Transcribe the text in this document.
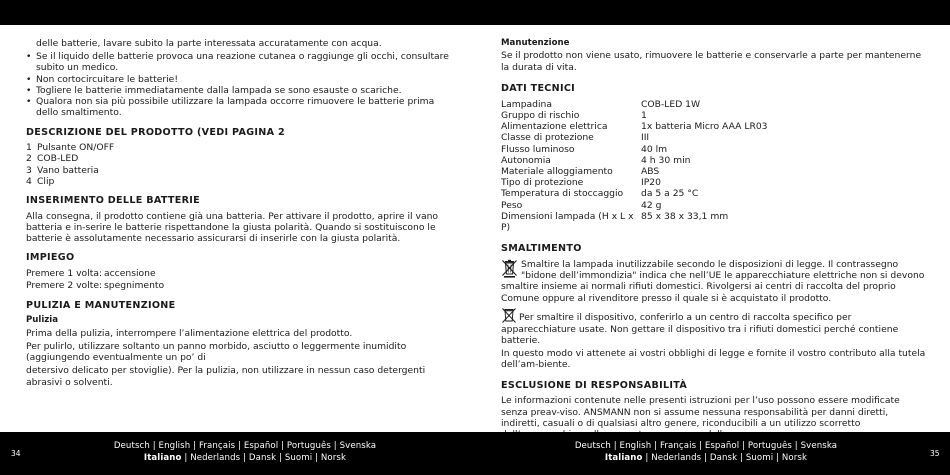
delle batterie, lavare subito la parte interessata accuratamente con acqua.

• Se il liquido delle batterie provoca una reazione cutanea o raggiunge gli occhi, consultare subito un medico.
• Non cortocircuitare le batterie!
• Togliere le batterie immediatamente dalla lampada se sono esauste o scariche.
• Qualora non sia più possibile utilizzare la lampada occorre rimuovere le batterie prima dello smaltimento.
DESCRIZIONE DEL PRODOTTO (VEDI PAGINA 2
1 Pulsante ON/OFF
2 COB-LED
3 Vano batteria
4 Clip
INSERIMENTO DELLE BATTERIE

Alla consegna, il prodotto contiene già una batteria. Per attivare il prodotto, aprire il vano batteria e in-serire le batterie rispettandone la giusta polarità. Quando si sostituiscono le batterie è assolutamente necessario assicurarsi di inserirle con la giusta polarità.

IMPIEGO
Premere 1 volta: accensione
Premere 2 volte: spegnimento
PULIZIA E MANUTENZIONE
Pulizia

Prima della pulizia, interrompere l’alimentazione elettrica del prodotto.

Per pulirlo, utilizzare soltanto un panno morbido, asciutto o leggermente inumidito (aggiungendo eventualmente un po’ di

detersivo delicato per stoviglie). Per la pulizia, non utilizzare in nessun caso detergenti abrasivi o solventi.

Manutenzione

Se il prodotto non viene usato, rimuovere le batterie e conservarle a parte per mantenerne la durata di vita.

DATI TECNICI
Lampadina	COB-LED 1W
Gruppo di rischio	1
Alimentazione elettrica	1x batteria Micro AAA LR03
Classe di protezione	III
Flusso luminoso	40 lm
Autonomia	4 h 30 min
Materiale alloggiamento	ABS
Tipo di protezione	IP20
Temperatura di stoccaggio	da 5 a 25 °C
Peso	42 g
Dimensioni lampada (H x L x P)	85 x 38 x 33,1 mm
SMALTIMENTO

Smaltire la lampada inutilizzabile secondo le disposizioni di legge. Il contrassegno "bidone dell’immondizia" indica che nell’UE le apparecchiature elettriche non si devono smaltire insieme ai normali rifiuti domestici. Rivolgersi ai centri di raccolta del proprio Comune oppure al rivenditore presso il quale si è acquistato il prodotto.

Per smaltire il dispositivo, conferirlo a un centro di raccolta specifico per apparecchiature usate. Non gettare il dispositivo tra i rifiuti domestici perché contiene batterie.

In questo modo vi attenete ai vostri obblighi di legge e fornite il vostro contributo alla tutela dell’am-biente.

ESCLUSIONE DI RESPONSABILITÀ

Le informazioni contenute nelle presenti istruzioni per l’uso possono essere modificate senza preav-viso. ANSMANN non si assume nessuna responsabilità per danni diretti, indiretti, casuali o di qualsiasi altro genere, riconducibili a un utilizzo scorretto

34
Deutsch | English | Français | Español | Português | Svenska
Italiano | Nederlands | Dansk | Suomi | Norsk
Deutsch | English | Français | Español | Português | Svenska
Italiano | Nederlands | Dansk | Suomi | Norsk	35
